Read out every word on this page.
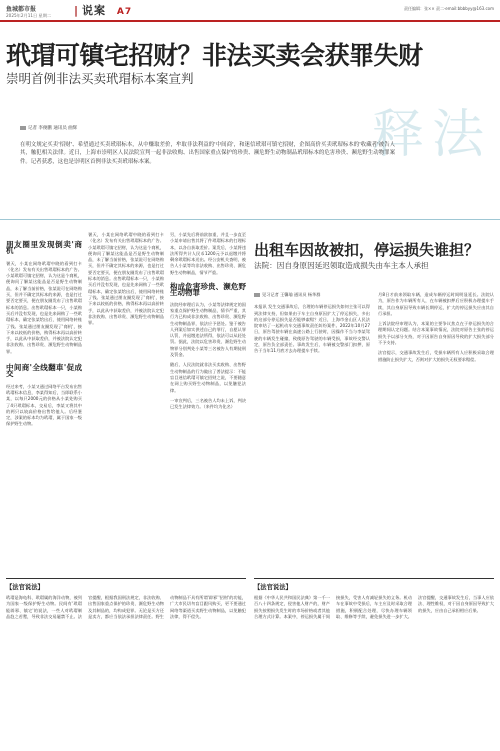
鱼城都市报
2025年2月11日 星期二 | 说案 A7	责任编辑：张×× 责二·email:bbbbyy@163.com
玳瑁可镇宅招财？非法买卖会获罪失财
崇明首例非法买卖玳瑁标本案宣判
释法
记者 李俊鹏 通讯员 曲辉
在明文规定买卖'招财'、希望通过买卖玳瑁标本，从中赚取差价，牟取非法利益的'中间商'，和迷信玳瑁可镇宅招财，企图高价买卖玳瑁标本的'收藏者'被告人其，触犯相关法律。近日，上海市崇明区人民法院宣判一起非法收购、出售国家重点保护的珍贵、濒危野生动物制品玳瑁标本的危害珍贵、濒危野生动物罪案件。记者获悉，这也是崇明区首例非法买卖玳瑁标本案。
朋友圈里发现倒卖'商机'
暑天，小某在网络玳瑁中晓的看到打卡（化名）发布有关出售玳瑁标本的广告。小某玳瑁可镇宅招财，认为这是个商机，便询问了解某这能品是否是野生动物制品，未了解当前价格，张某说可在网络购买，但并不确定其标本的来源，也是打过要否定要买，便在朋友圈发布了出售玳瑁标本的消息。出售玳瑁标本一只，小某购买后并没有发现，也是先来网购了一些玳瑁标本，确定张某给出后，使用网络转账了钱。张某通过朋友圈发现了'商机'，接下来以较低的价格，购得标本再以高价转手，以此从中获取差价，并被法院认定犯非法收购、出售珍贵、濒危野生动物制品罪。
中间商'全线翻車'促成交
经过来考，小某又通过网络平台发布出售玳瑁标本信息，李某得知后，当即联系小某，以每只2000元的价格从小某处购买了4只玳瑁标本，交易后，李某又将其中的两只以较高价格出售给他人。后经鉴定，涉案的标本均为玳瑁，属于国家一级保护野生动物。
暑天，小某在网络玳瑁中晓的看到打卡（化名）发布有关出售玳瑁标本的广告。小某玳瑁可镇宅招财，认为这是个商机，便询问了解某这能品是否是野生动物制品，未了解当前价格，张某说可在网络购买，但并不确定其标本的来源，也是打过要否定要买，便在朋友圈发布了出售玳瑁标本的消息。出售玳瑁标本一只，小某购买后并没有发现，也是先来网购了一些玳瑁标本，确定张某给出后，使用网络转账了钱。张某通过朋友圈发现了'商机'，接下来以较低的价格，购得标本再以高价转手，以此从中获取差价，并被法院认定犯非法收购、出售珍贵、濒危野生动物制品罪。
另，小某先后将前款加重，并且一步直至小某申请出售其将了件玳瑁标本的打理标本，以各自获取差价。案发后，小某将违法所得共计人民币1200元予以退缴并将剩余玳瑁标本送出。经公安机关查明，被告人小某等均非法收购、出售珍贵、濒危野生动物制品，情节严重。
构成危害珍贵、濒危野生动物罪
法院经审理后认为，小某等法律规定的国家重点保护野生动物制品，情节严重，其行为已构成非法收购、出售珍贵、濒危野生动物制品罪，依法应予惩处。鉴于被告人到案后如实供述自己的罪行，自愿认罪认罚，并退缴违法所得，依法可以从轻处罚。据此，法院以危害珍贵、濒危野生动物罪分别判处小某等三名被告人有期徒刑及罚金。
随后，人民法院就非法买卖收购、出售野生动物制品的行为做出了普法提示：不能盲目迷信玳瑁可镇宅招财之说，不要随意在网上购买野生动物制品，以免触犯法律。
一审宣判后，三名被告人均未上诉，判决已发生法律效力。（来件均为化名）
出租车因故被扣，停运损失谁担？
法院：因自身原因延迟领取造成损失由车主本人承担
见习记者 王馨瑜 通讯员 杨华群
本报讯 发生交通事故后，合理的车辆停运损失如何主张可以得到法律支持，但如果由于车主自身原因扩大了停运损失，多出的这部分停运损失是否能够索赔？近日，上海市金山区人民法院审结了一起机动车交通事故责任纠纷案件。2022年10月27日，原告驾驶车辆在高速公路上行驶时，因操作不当与李某驾驶的车辆发生碰撞，致使原告驾驶的车辆受损，事故经交警认定，原告负全部责任。事故发生后，车辆被交警部门扣押，原告于当年11月底才去办理提车手续。
月8日才前来领取车辆，造成车辆停运时间明显延长。法院认为，原告作为车辆所有人，在车辆被扣押后应积极办理提车手续，其自身原因导致车辆长期停运，扩大的停运损失应由其自行承担。
上诉法院经审理认为，本案的主要争议焦点在于停运损失的合理期间认定问题。结合本案事故情况，法院对原告主张的停运损失予以部分支持，对于因原告自身原因导致的扩大损失部分不予支持。
法官提示，交通事故发生后，受损车辆所有人应积极采取合理措施防止损失扩大，否则对扩大的损失无权要求赔偿。
【法官说法】
玳瑁是海龟科、玳瑁属的海洋动物，被列为国家一级保护野生动物。民间有'玳瑁能辟邪、镇宅'的说法，一些人对玳瑁制品趋之若鹜，导致非法交易屡禁不止。法官提醒，根据我国刑法规定，非法收购、出售国家重点保护的珍贵、濒危野生动物及其制品的，均构成犯罪。无论是买方还是卖方，都应当依法承担法律责任。野生动物制品不具有所谓'辟邪''招财'的功能，广大市民切勿盲目跟风购买，更不要通过网络等渠道买卖野生动物制品，以免触犯法律，得不偿失。
【法官说法】
根据《中华人民共和国民法典》第一千一百八十四条规定，侵害他人财产的，财产损失按照损失发生时的市场价格或者其他合理方式计算。本案中，停运损失属于间接损失，受害人有减轻损失的义务。机动车在事故中受损后，车主应及时采取合理措施，积极配合处理，尽快办理车辆领取、维修等手续，避免损失进一步扩大。法官提醒，交通事故发生后，当事人应依法、理性维权，对于因自身原因导致扩大的损失，应由自己承担相应后果。
